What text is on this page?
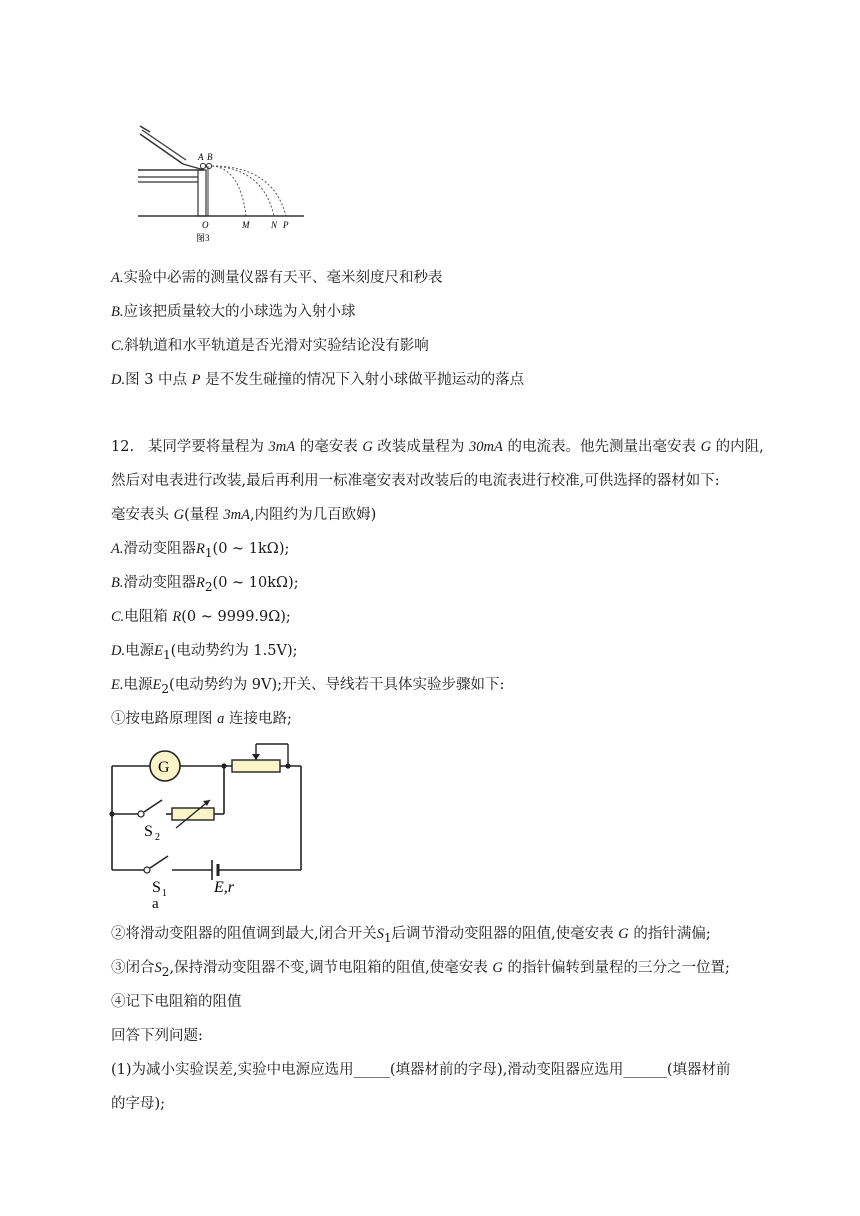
A B
O	M N P
图3
A.实验中必需的测量仪器有天平、毫米刻度尺和秒表
B.应该把质量较大的小球选为入射小球
C.斜轨道和水平轨道是否光滑对实验结论没有影响
D.图 3 中点 P 是不发生碰撞的情况下入射小球做平抛运动的落点
12. 某同学要将量程为 3mA 的毫安表 G 改装成量程为 30mA 的电流表。他先测量出毫安表 G 的内阻,
然后对电表进行改装,最后再利用一标准毫安表对改装后的电流表进行校准,可供选择的器材如下:
毫安表头 G(量程 3mA,内阻约为几百欧姆)
A.滑动变阻器$R_1(0$ ~ 1kΩ);
B.滑动变阻器$R_2(0$ ~ 10kΩ);
C.电阻箱 R(0 ~ 9999.9Ω);
D.电源$E_1$(电动势约为 1.5V);
E.电源$E_2$(电动势约为 9V);开关、导线若干具体实验步骤如下:
①按电路原理图 a 连接电路;
G
S 2
S 1	E,r
a
②将滑动变阻器的阻值调到最大,闭合开关$S_1$后调节滑动变阻器的阻值,使毫安表 G 的指针满偏;
③闭合$S_2$,保持滑动变阻器不变,调节电阻箱的阻值,使毫安表 G 的指针偏转到量程的三分之一位置;
④记下电阻箱的阻值
回答下列问题:
(1)为减小实验误差,实验中电源应选用_____(填器材前的字母),滑动变阻器应选用______(填器材前
的字母);
